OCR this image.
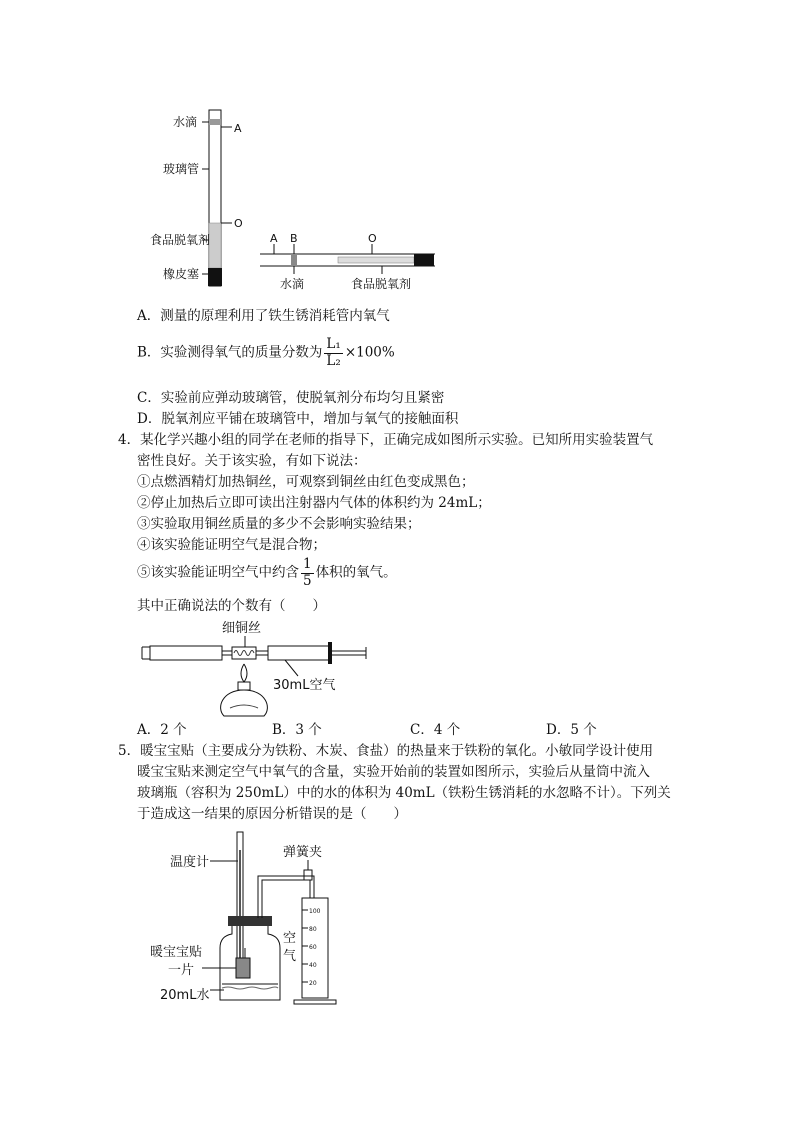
水滴
玻璃管
食品脱氧剂
橡皮塞
A
O
A B	O
水滴	食品脱氧剂
A．测量的原理利用了铁生锈消耗管内氧气
B．实验测得氧气的质量分数为 $\frac{\text{L₁}}{\text{L₂}} \times 100\%$
C．实验前应弹动玻璃管，使脱氧剂分布均匀且紧密
D．脱氧剂应平铺在玻璃管中，增加与氧气的接触面积
4．某化学兴趣小组的同学在老师的指导下，正确完成如图所示实验。已知所用实验装置气
密性良好。关于该实验，有如下说法：
①点燃酒精灯加热铜丝，可观察到铜丝由红色变成黑色；
②停止加热后立即可读出注射器内气体的体积约为 24mL；
③实验取用铜丝质量的多少不会影响实验结果；
④该实验能证明空气是混合物；
⑤该实验能证明空气中约含 $\frac{1}{5}$ 体积的氧气。
其中正确说法的个数有（　　）
细铜丝
30mL空气
A．2 个	B．3 个	C．4 个	D．5 个
5．暖宝宝贴（主要成分为铁粉、木炭、食盐）的热量来于铁粉的氧化。小敏同学设计使用
暖宝宝贴来测定空气中氧气的含量，实验开始前的装置如图所示，实验后从量筒中流入
玻璃瓶（容积为 250mL）中的水的体积为 40mL（铁粉生锈消耗的水忽略不计）。下列关
于造成这一结果的原因分析错误的是（　　）
温度计
弹簧夹
100
80
60
40
20
空
气
暖宝宝贴
一片
20mL水
